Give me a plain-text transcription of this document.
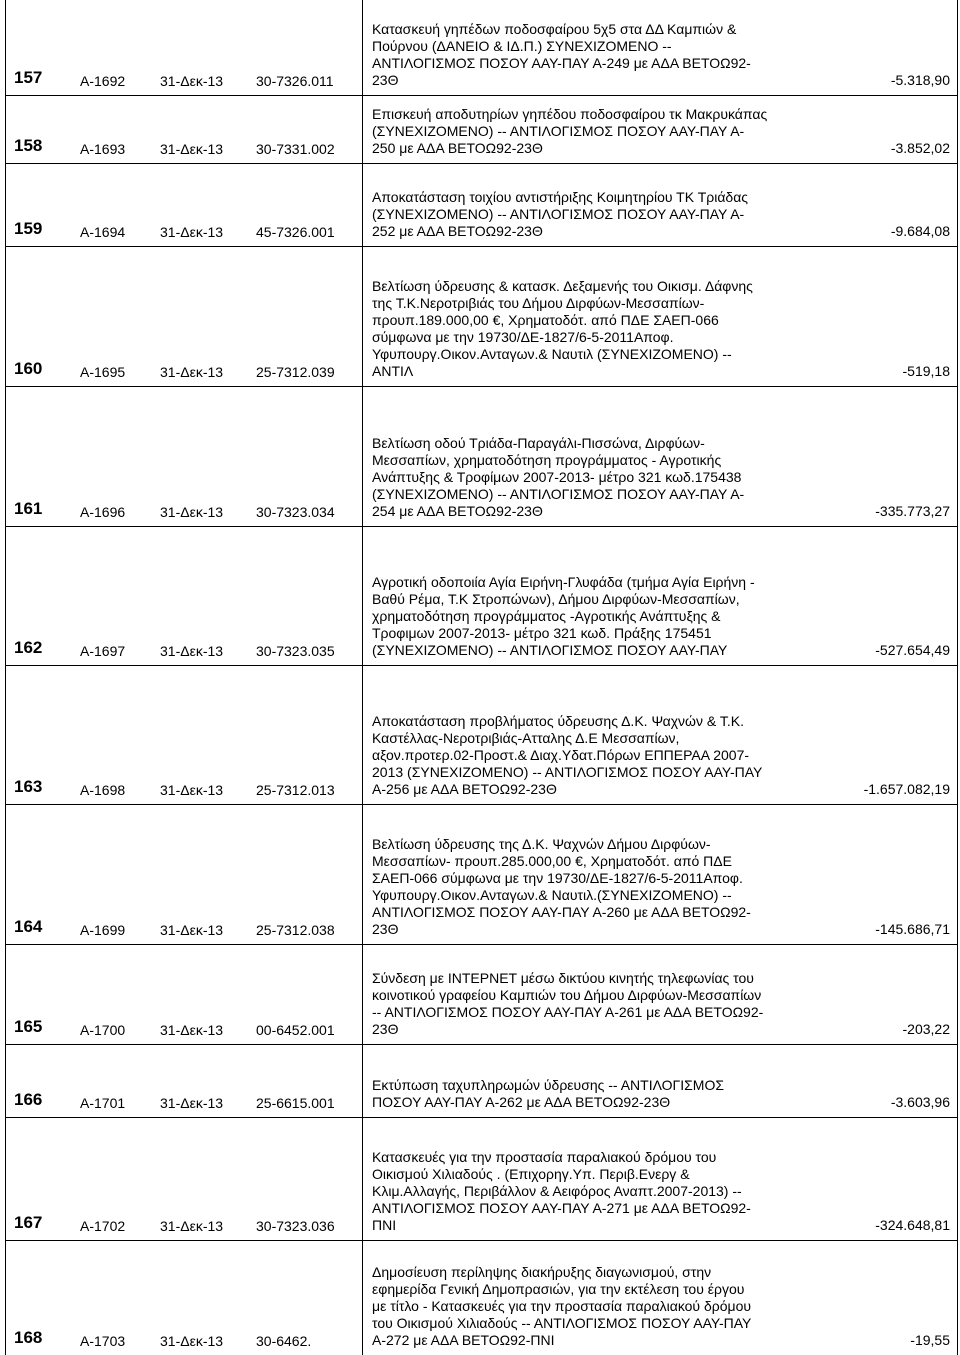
157	Α-1692 31-Δεκ-13 30-7326.011
Κατασκευή γηπέδων ποδοσφαίρου 5χ5 στα ΔΔ Καμπιών &
Πούρνου (ΔΑΝΕΙΟ & ΙΔ.Π.) ΣΥΝΕΧΙΖΟΜΕΝΟ --
ΑΝΤΙΛΟΓΙΣΜΟΣ ΠΟΣΟΥ ΑΑΥ-ΠΑΥ Α-249 με ΑΔΑ ΒΕΤΟΩ92-
23Θ	-5.318,90
158	Α-1693 31-Δεκ-13 30-7331.002
Επισκευή αποδυτηρίων γηπέδου ποδοσφαίρου τκ Μακρυκάπας
(ΣΥΝΕΧΙΖΟΜΕΝΟ) -- ΑΝΤΙΛΟΓΙΣΜΟΣ ΠΟΣΟΥ ΑΑΥ-ΠΑΥ Α-
250 με ΑΔΑ ΒΕΤΟΩ92-23Θ	-3.852,02
159	Α-1694 31-Δεκ-13 45-7326.001
Αποκατάσταση τοιχίου αντιστήριξης Κοιμητηρίου ΤΚ Τριάδας
(ΣΥΝΕΧΙΖΟΜΕΝΟ) -- ΑΝΤΙΛΟΓΙΣΜΟΣ ΠΟΣΟΥ ΑΑΥ-ΠΑΥ Α-
252 με ΑΔΑ ΒΕΤΟΩ92-23Θ	-9.684,08
160	Α-1695 31-Δεκ-13 25-7312.039
Βελτίωση ύδρευσης & κατασκ. Δεξαμενής του Οικισμ. Δάφνης
της Τ.Κ.Νεροτριβιάς του Δήμου Διρφύων-Μεσσαπίων-
προυπ.189.000,00 €, Χρηματοδότ. από ΠΔΕ ΣΑΕΠ-066
σύμφωνα με την 19730/ΔΕ-1827/6-5-2011Αποφ.
Υφυπουργ.Οικον.Ανταγων.& Ναυτιλ (ΣΥΝΕΧΙΖΟΜΕΝΟ) --
ΑΝΤΙΛ	-519,18
161	Α-1696 31-Δεκ-13 30-7323.034
Βελτίωση οδού Τριάδα-Παραγάλι-Πισσώνα, Διρφύων-
Μεσσαπίων, χρηματοδότηση προγράμματος - Αγροτικής
Ανάπτυξης & Τροφίμων 2007-2013- μέτρο 321 κωδ.175438
(ΣΥΝΕΧΙΖΟΜΕΝΟ) -- ΑΝΤΙΛΟΓΙΣΜΟΣ ΠΟΣΟΥ ΑΑΥ-ΠΑΥ Α-
254 με ΑΔΑ ΒΕΤΟΩ92-23Θ	-335.773,27
162	Α-1697 31-Δεκ-13 30-7323.035
Αγροτική οδοποιία Αγία Ειρήνη-Γλυφάδα (τμήμα Αγία Ειρήνη -
Βαθύ Ρέμα, Τ.Κ Στροπώνων), Δήμου Διρφύων-Μεσσαπίων,
χρηματοδότηση προγράμματος -Αγροτικής Ανάπτυξης &
Τροφιμων 2007-2013- μέτρο 321 κωδ. Πράξης 175451
(ΣΥΝΕΧΙΖΟΜΕΝΟ) -- ΑΝΤΙΛΟΓΙΣΜΟΣ ΠΟΣΟΥ ΑΑΥ-ΠΑΥ	-527.654,49
163	Α-1698 31-Δεκ-13 25-7312.013
Αποκατάσταση προβλήματος ύδρευσης Δ.Κ. Ψαχνών & Τ.Κ.
Καστέλλας-Νεροτριβιάς-Ατταλης Δ.Ε Μεσσαπίων,
αξον.προτερ.02-Προστ.& Διαχ.Υδατ.Πόρων ΕΠΠΕΡΑΑ 2007-
2013 (ΣΥΝΕΧΙΖΟΜΕΝΟ) -- ΑΝΤΙΛΟΓΙΣΜΟΣ ΠΟΣΟΥ ΑΑΥ-ΠΑΥ
Α-256 με ΑΔΑ ΒΕΤΟΩ92-23Θ	-1.657.082,19
164	Α-1699 31-Δεκ-13 25-7312.038
Βελτίωση ύδρευσης της Δ.Κ. Ψαχνών Δήμου Διρφύων-
Μεσσαπίων- προυπ.285.000,00 €, Χρηματοδότ. από ΠΔΕ
ΣΑΕΠ-066 σύμφωνα με την 19730/ΔΕ-1827/6-5-2011Αποφ.
Υφυπουργ.Οικον.Ανταγων.& Ναυτιλ.(ΣΥΝΕΧΙΖΟΜΕΝΟ) --
ΑΝΤΙΛΟΓΙΣΜΟΣ ΠΟΣΟΥ ΑΑΥ-ΠΑΥ Α-260 με ΑΔΑ ΒΕΤΟΩ92-
23Θ	-145.686,71
165	Α-1700 31-Δεκ-13 00-6452.001
Σύνδεση με ΙΝΤΕΡΝΕΤ μέσω δικτύου κινητής τηλεφωνίας του
κοινοτικού γραφείου Καμπιών του Δήμου Διρφύων-Μεσσαπίων
-- ΑΝΤΙΛΟΓΙΣΜΟΣ ΠΟΣΟΥ ΑΑΥ-ΠΑΥ Α-261 με ΑΔΑ ΒΕΤΟΩ92-
23Θ	-203,22
166	Α-1701 31-Δεκ-13 25-6615.001
Εκτύπωση ταχυπληρωμών ύδρευσης -- ΑΝΤΙΛΟΓΙΣΜΟΣ
ΠΟΣΟΥ ΑΑΥ-ΠΑΥ Α-262 με ΑΔΑ ΒΕΤΟΩ92-23Θ	-3.603,96
167	Α-1702 31-Δεκ-13 30-7323.036
Κατασκευές για την προστασία παραλιακού δρόμου του
Οικισμού Χιλιαδούς . (Επιχορηγ.Υπ. Περιβ.Ενεργ &
Κλιμ.Αλλαγής, Περιβάλλον & Αειφόρος Αναπτ.2007-2013) --
ΑΝΤΙΛΟΓΙΣΜΟΣ ΠΟΣΟΥ ΑΑΥ-ΠΑΥ Α-271 με ΑΔΑ ΒΕΤΟΩ92-
ΠΝΙ	-324.648,81
168	Α-1703 31-Δεκ-13 30-6462.
Δημοσίευση περίληψης διακήρυξης διαγωνισμού, στην
εφημερίδα Γενική Δημοπρασιών, για την εκτέλεση του έργου
με τίτλο - Κατασκευές για την προστασία παραλιακού δρόμου
του Οικισμού Χιλιαδούς -- ΑΝΤΙΛΟΓΙΣΜΟΣ ΠΟΣΟΥ ΑΑΥ-ΠΑΥ
Α-272 με ΑΔΑ ΒΕΤΟΩ92-ΠΝΙ	-19,55
